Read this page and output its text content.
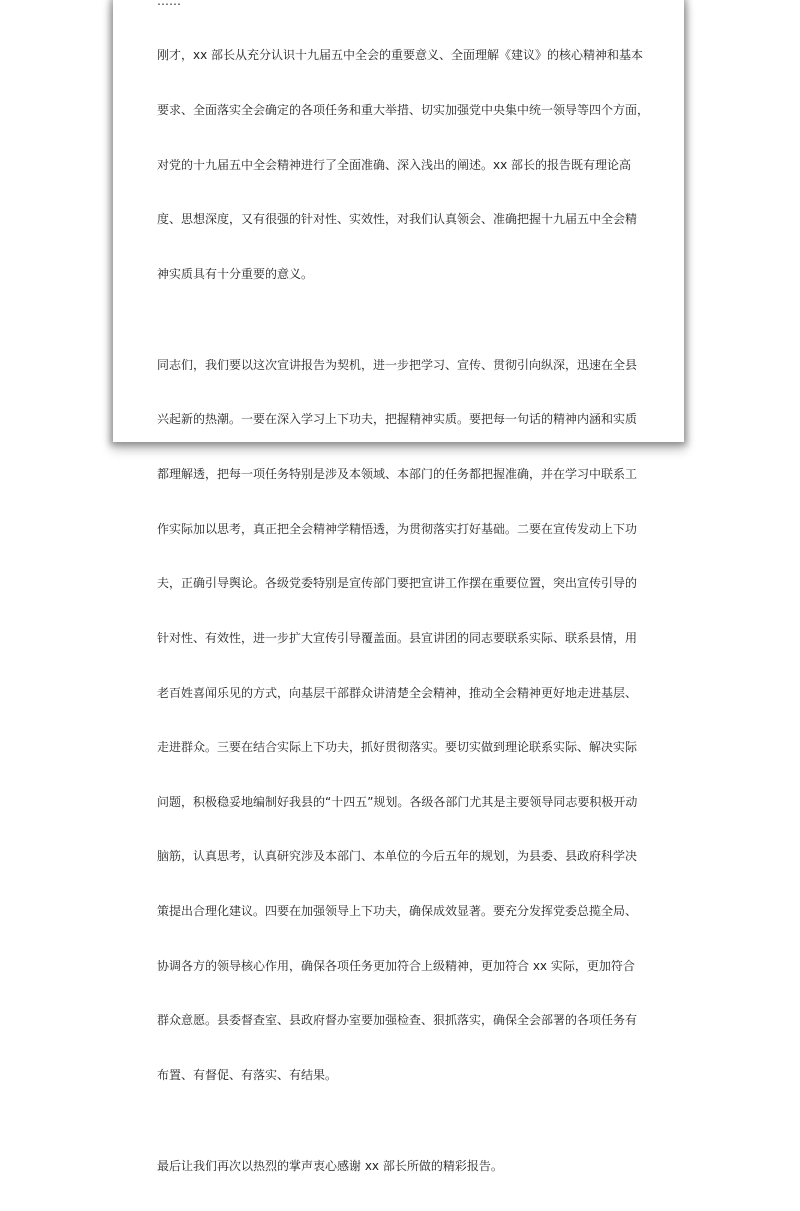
……

刚才，xx 部长从充分认识十九届五中全会的重要意义、全面理解《建议》的核心精神和基本

要求、全面落实全会确定的各项任务和重大举措、切实加强党中央集中统一领导等四个方面，

对党的十九届五中全会精神进行了全面准确、深入浅出的阐述。xx 部长的报告既有理论高

度、思想深度，又有很强的针对性、实效性，对我们认真领会、准确把握十九届五中全会精

神实质具有十分重要的意义。

同志们，我们要以这次宣讲报告为契机，进一步把学习、宣传、贯彻引向纵深，迅速在全县

兴起新的热潮。一要在深入学习上下功夫，把握精神实质。要把每一句话的精神内涵和实质

都理解透，把每一项任务特别是涉及本领域、本部门的任务都把握准确，并在学习中联系工

作实际加以思考，真正把全会精神学精悟透，为贯彻落实打好基础。二要在宣传发动上下功

夫，正确引导舆论。各级党委特别是宣传部门要把宣讲工作摆在重要位置，突出宣传引导的

针对性、有效性，进一步扩大宣传引导覆盖面。县宣讲团的同志要联系实际、联系县情，用

老百姓喜闻乐见的方式，向基层干部群众讲清楚全会精神，推动全会精神更好地走进基层、

走进群众。三要在结合实际上下功夫，抓好贯彻落实。要切实做到理论联系实际、解决实际

问题，积极稳妥地编制好我县的“十四五”规划。各级各部门尤其是主要领导同志要积极开动

脑筋，认真思考，认真研究涉及本部门、本单位的今后五年的规划，为县委、县政府科学决

策提出合理化建议。四要在加强领导上下功夫，确保成效显著。要充分发挥党委总揽全局、

协调各方的领导核心作用，确保各项任务更加符合上级精神，更加符合 xx 实际，更加符合

群众意愿。县委督查室、县政府督办室要加强检查、狠抓落实，确保全会部署的各项任务有

布置、有督促、有落实、有结果。

最后让我们再次以热烈的掌声衷心感谢 xx 部长所做的精彩报告。
